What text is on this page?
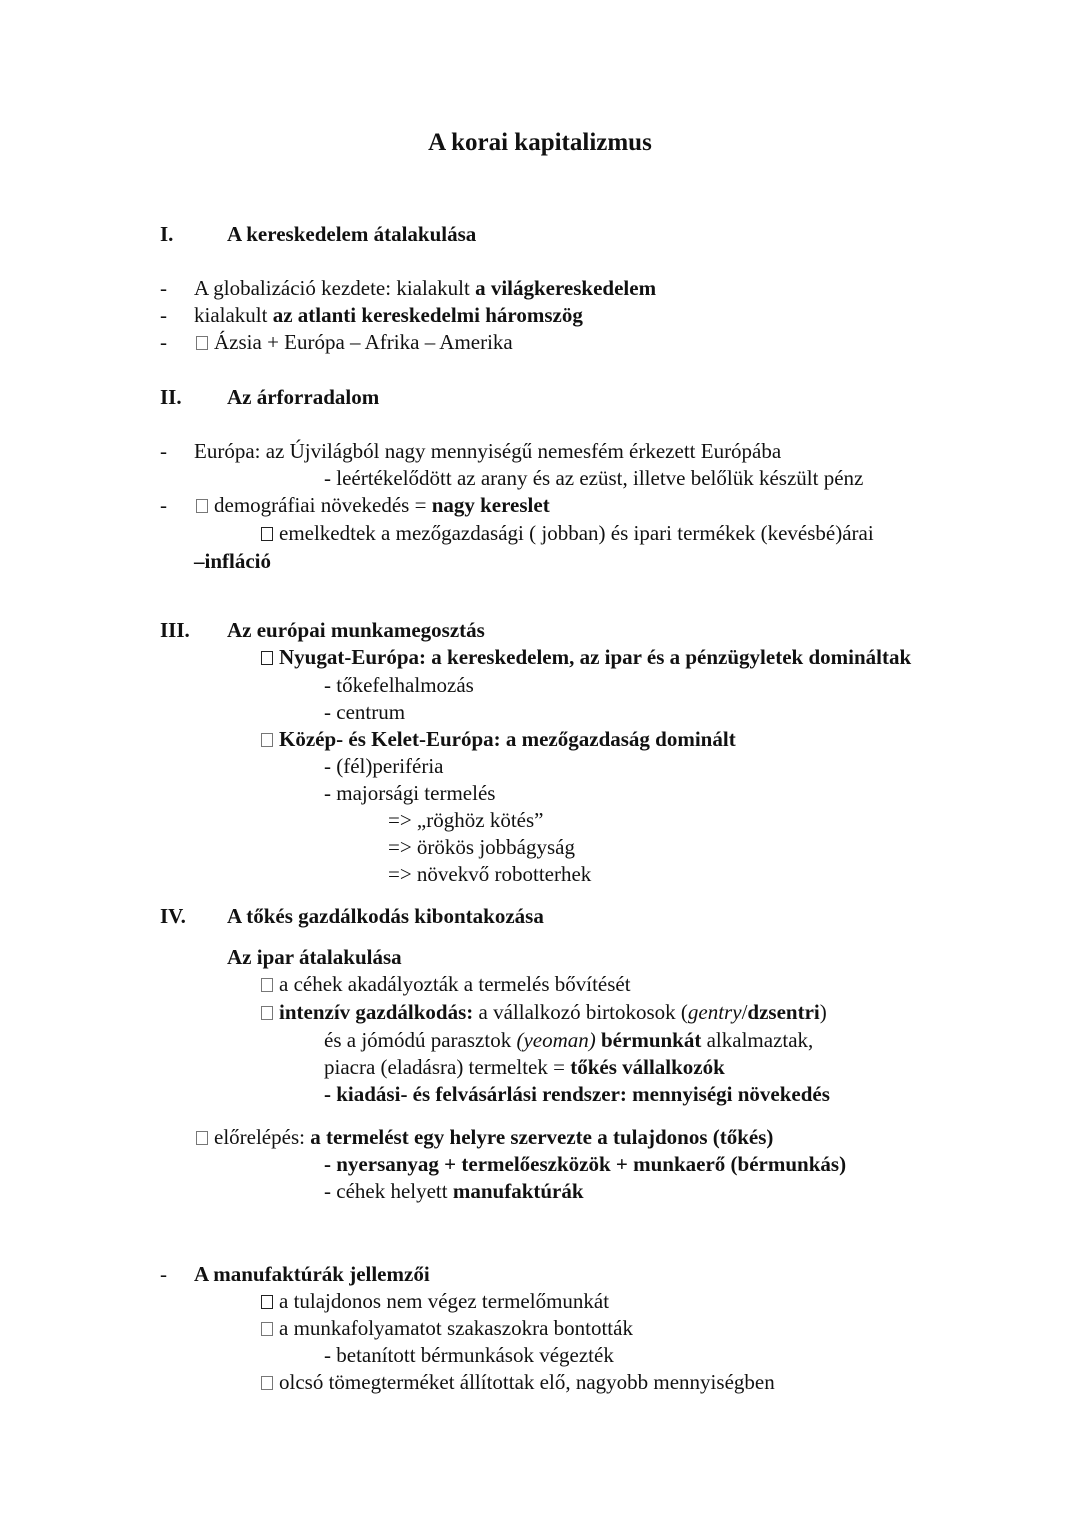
A korai kapitalizmus
I.	A kereskedelem átalakulása
- A globalizáció kezdete: kialakult a világkereskedelem
- kialakult az atlanti kereskedelmi háromszög
-	Ázsia + Európa – Afrika – Amerika
II. Az árforradalom
- Európa: az Újvilágból nagy mennyiségű nemesfém érkezett Európába
- leértékelődött az arany és az ezüst, illetve belőlük készült pénz
-	demográfiai növekedés = nagy kereslet
emelkedtek a mezőgazdasági ( jobban) és ipari termékek (kevésbé)árai
–infláció
III. Az európai munkamegosztás
Nyugat-Európa: a kereskedelem, az ipar és a pénzügyletek domináltak
- tőkefelhalmozás
- centrum
Közép- és Kelet-Európa: a mezőgazdaság dominált
- (fél)periféria
- majorsági termelés
=> „röghöz kötés”
=> örökös jobbágyság
=> növekvő robotterhek
IV. A tőkés gazdálkodás kibontakozása
Az ipar átalakulása
a céhek akadályozták a termelés bővítését
intenzív gazdálkodás: a vállalkozó birtokosok (gentry/dzsentri)
és a jómódú parasztok (yeoman) bérmunkát alkalmaztak,
piacra (eladásra) termeltek = tőkés vállalkozók
- kiadási- és felvásárlási rendszer: mennyiségi növekedés
előrelépés: a termelést egy helyre szervezte a tulajdonos (tőkés)
- nyersanyag + termelőeszközök + munkaerő (bérmunkás)
- céhek helyett manufaktúrák
- A manufaktúrák jellemzői
a tulajdonos nem végez termelőmunkát
a munkafolyamatot szakaszokra bontották
- betanított bérmunkások végezték
olcsó tömegterméket állítottak elő, nagyobb mennyiségben
